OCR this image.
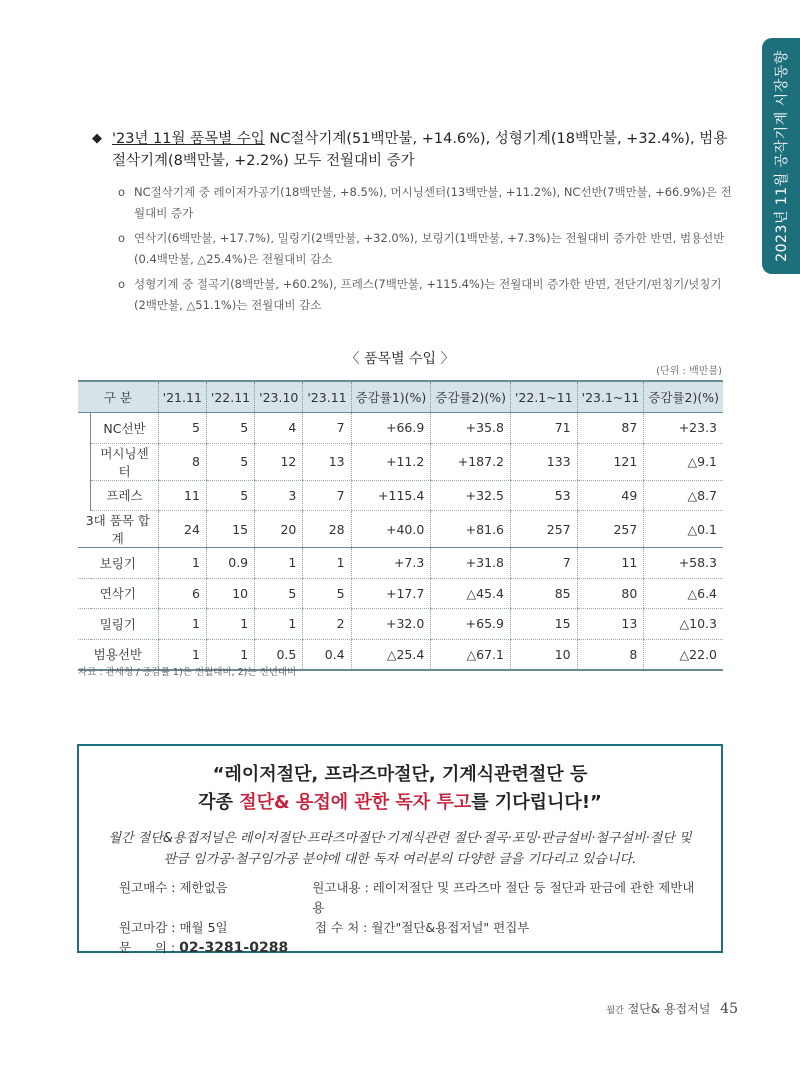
2023년 11월 공작기계 시장동향
◆ '23년 11월 품목별 수입 NC절삭기계(51백만불, +14.6%), 성형기계(18백만불, +32.4%), 범용절삭기계(8백만불, +2.2%) 모두 전월대비 증가
ο NC절삭기계 중 레이저가공기(18백만불, +8.5%), 머시닝센터(13백만불, +11.2%), NC선반(7백만불, +66.9%)은 전월대비 증가
ο 연삭기(6백만불, +17.7%), 밀링기(2백만불, +32.0%), 보링기(1백만불, +7.3%)는 전월대비 증가한 반면, 범용선반(0.4백만불, △25.4%)은 전월대비 감소
ο 성형기계 중 절곡기(8백만불, +60.2%), 프레스(7백만불, +115.4%)는 전월대비 증가한 반면, 전단기/펀칭기/넛칭기(2백만불, △51.1%)는 전월대비 감소
〈 품목별 수입 〉
(단위 : 백만불)
구 분		'21.11	'22.11	'23.10	'23.11	증감률1)(%)	증감률2)(%)	'22.1~11	'23.1~11	증감률2)(%)
	NC선반	5	5	4	7	+66.9	+35.8	71	87	+23.3
	머시닝센터	8	5	12	13	+11.2	+187.2	133	121	△9.1
	프레스	11	5	3	7	+115.4	+32.5	53	49	△8.7
3대 품목 합계		24	15	20	28	+40.0	+81.6	257	257	△0.1
보링기		1	0.9	1	1	+7.3	+31.8	7	11	+58.3
연삭기		6	10	5	5	+17.7	△45.4	85	80	△6.4
밀링기		1	1	1	2	+32.0	+65.9	15	13	△10.3
범용선반		1	1	0.5	0.4	△25.4	△67.1	10	8	△22.0
자료 : 관세청 / 증감률 1)은 전월대비, 2)는 전년대비
“레이저절단, 프라즈마절단, 기계식관련절단 등
각종 절단& 용접에 관한 독자 투고를 기다립니다!”
월간 절단&용접저널은 레이저절단·프라즈마절단·기계식관련 절단·절곡·포밍·판금설비·철구설비·절단 및
판금 임가공·철구임가공 분야에 대한 독자 여러분의 다양한 글을 기다리고 있습니다.
원고매수 : 제한없음	원고내용 : 레이저절단 및 프라즈마 절단 등 절단과 판금에 관한 제반내용
원고마감 : 매월 5일	접 수 처 : 월간"절단&용접저널" 편집부
문      의 : 02-3281-0288
월간 절단& 용접저널 45
